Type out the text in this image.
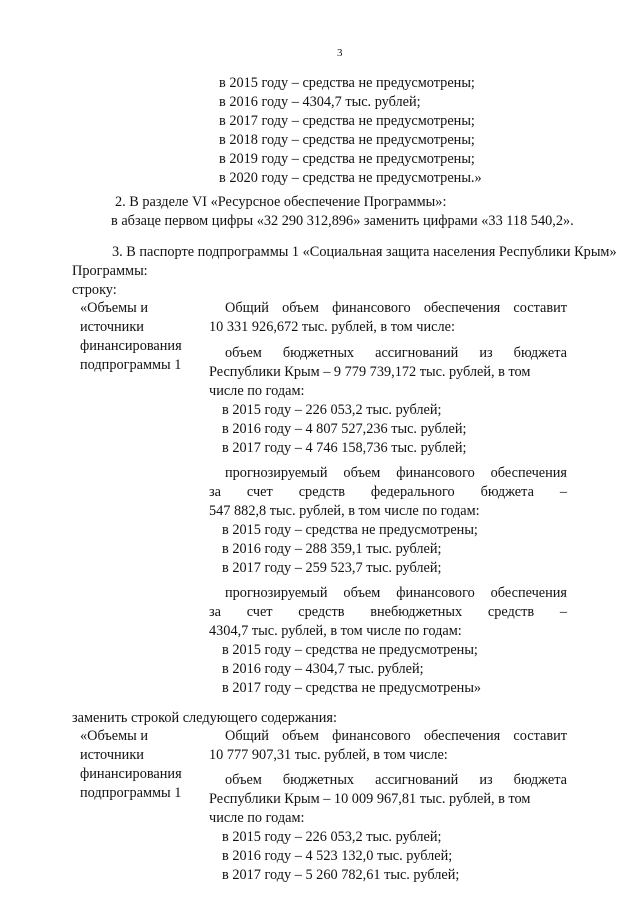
3
в 2015 году – средства не предусмотрены;
в 2016 году – 4304,7 тыс. рублей;
в 2017 году – средства не предусмотрены;
в 2018 году – средства не предусмотрены;
в 2019 году – средства не предусмотрены;
в 2020 году – средства не предусмотрены.»
2. В разделе VI «Ресурсное обеспечение Программы»:
в абзаце первом цифры «32 290 312,896» заменить цифрами «33 118 540,2».
3. В паспорте подпрограммы 1 «Социальная защита населения Республики Крым»
Программы:
строку:
«Объемы и
источники
финансирования
подпрограммы 1
Общий объем финансового обеспечения составит
10 331 926,672 тыс. рублей, в том числе:
объем бюджетных ассигнований из бюджета
Республики Крым – 9 779 739,172 тыс. рублей, в том
числе по годам:
в 2015 году – 226 053,2 тыс. рублей;
в 2016 году – 4 807 527,236 тыс. рублей;
в 2017 году – 4 746 158,736 тыс. рублей;
прогнозируемый объем финансового обеспечения
за счет средств федерального бюджета –
547 882,8 тыс. рублей, в том числе по годам:
в 2015 году – средства не предусмотрены;
в 2016 году – 288 359,1 тыс. рублей;
в 2017 году – 259 523,7 тыс. рублей;
прогнозируемый объем финансового обеспечения
за счет средств внебюджетных средств –
4304,7 тыс. рублей, в том числе по годам:
в 2015 году – средства не предусмотрены;
в 2016 году – 4304,7 тыс. рублей;
в 2017 году – средства не предусмотрены»
заменить строкой следующего содержания:
«Объемы и
источники
финансирования
подпрограммы 1
Общий объем финансового обеспечения составит
10 777 907,31 тыс. рублей, в том числе:
объем бюджетных ассигнований из бюджета
Республики Крым – 10 009 967,81 тыс. рублей, в том
числе по годам:
в 2015 году – 226 053,2 тыс. рублей;
в 2016 году – 4 523 132,0 тыс. рублей;
в 2017 году – 5 260 782,61 тыс. рублей;
